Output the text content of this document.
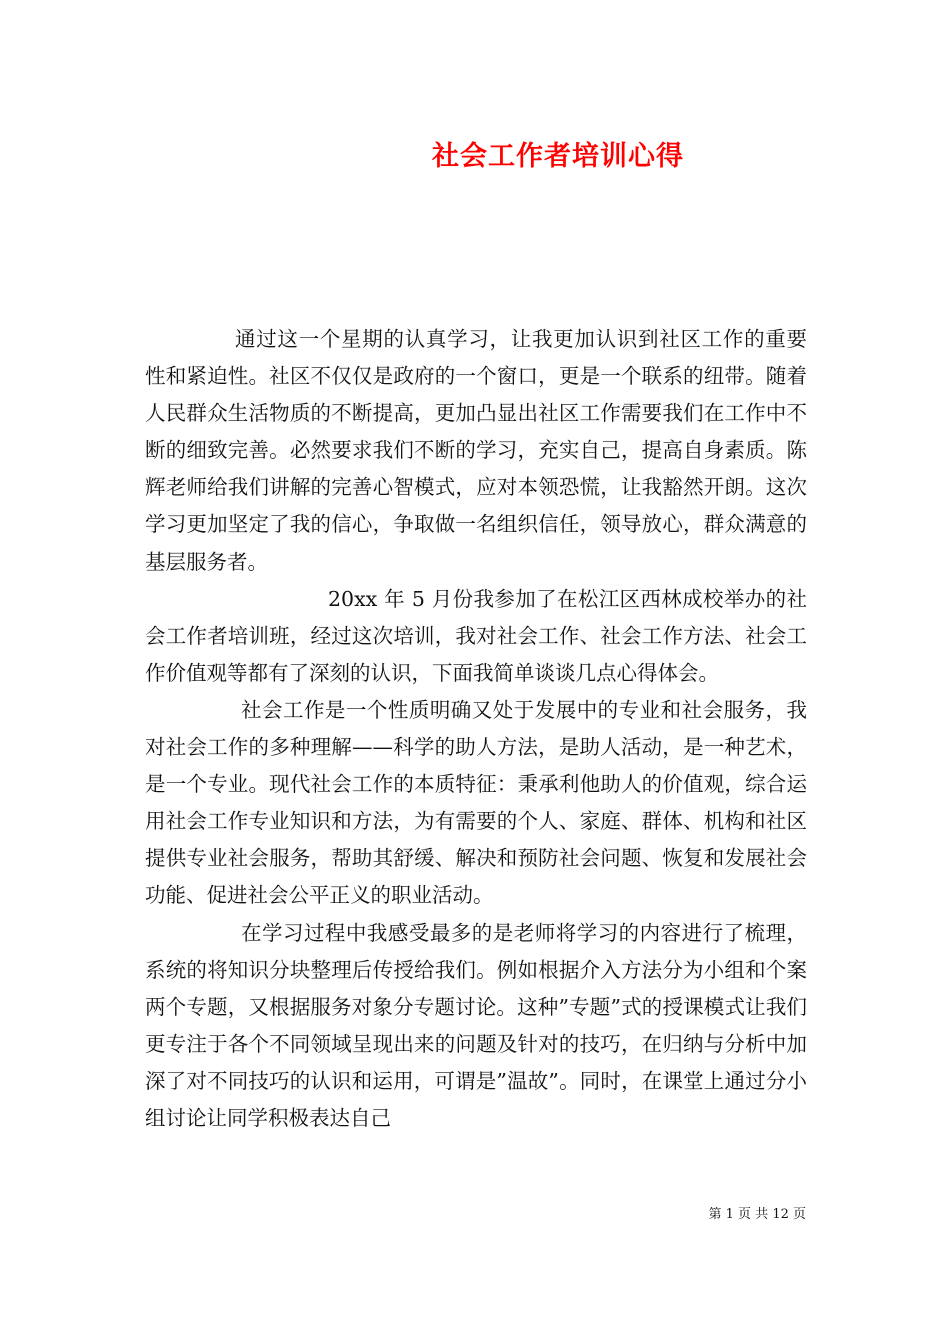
社会工作者培训心得

通过这一个星期的认真学习，让我更加认识到社区工作的重要性和紧迫性。社区不仅仅是政府的一个窗口，更是一个联系的纽带。随着人民群众生活物质的不断提高，更加凸显出社区工作需要我们在工作中不断的细致完善。必然要求我们不断的学习，充实自己，提高自身素质。陈辉老师给我们讲解的完善心智模式，应对本领恐慌，让我豁然开朗。这次学习更加坚定了我的信心，争取做一名组织信任，领导放心，群众满意的基层服务者。

20xx 年 5 月份我参加了在松江区西林成校举办的社会工作者培训班，经过这次培训，我对社会工作、社会工作方法、社会工作价值观等都有了深刻的认识，下面我简单谈谈几点心得体会。

社会工作是一个性质明确又处于发展中的专业和社会服务，我对社会工作的多种理解——科学的助人方法，是助人活动，是一种艺术，是一个专业。现代社会工作的本质特征：秉承利他助人的价值观，综合运用社会工作专业知识和方法，为有需要的个人、家庭、群体、机构和社区提供专业社会服务，帮助其舒缓、解决和预防社会问题、恢复和发展社会功能、促进社会公平正义的职业活动。

在学习过程中我感受最多的是老师将学习的内容进行了梳理，系统的将知识分块整理后传授给我们。例如根据介入方法分为小组和个案两个专题，又根据服务对象分专题讨论。这种”专题”式的授课模式让我们更专注于各个不同领域呈现出来的问题及针对的技巧，在归纳与分析中加深了对不同技巧的认识和运用，可谓是”温故”。同时，在课堂上通过分小组讨论让同学积极表达自己

第 1 页 共 12 页
